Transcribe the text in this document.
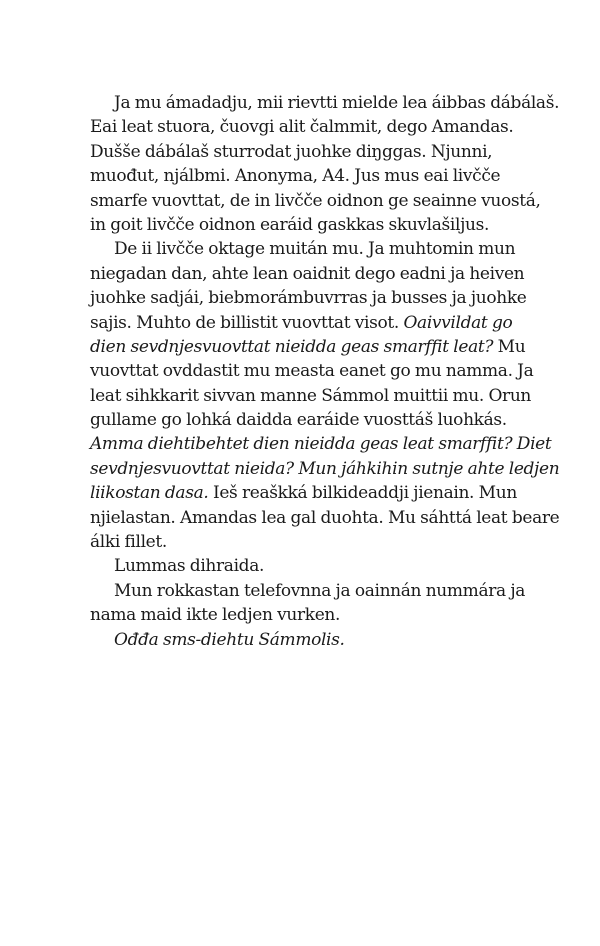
Ja mu ámadadju, mii rievtti mielde lea áibbas dábálaš.
Eai leat stuora, čuovgi alit čalmmit, dego Amandas.
Duššе dábálaš sturrodat juohke diŋggas. Njunni,
muođut, njálbmi. Anonyma, A4. Jus mus eai livčče
smarfe vuovttat, de in livčče oidnon ge seainne vuostá,
in goit livčče oidnon earáid gaskkas skuvlašiljus.
De ii livčče oktage muitán mu. Ja muhtomin mun
niegadan dan, ahte lean oaidnit dego eadni ja heiven
juohke sadjái, biebmorámbuvrras ja busses ja juohke
sajis. Muhto de billistit vuovttat visot. Oaivvildat go
dien sevdnjesvuovttat nieidda geas smarffit leat? Mu
vuovttat ovddastit mu measta eanet go mu namma. Ja
leat sihkkarit sivvan manne Sámmol muittii mu. Orun
gullame go lohká daidda earáide vuosttáš luohkás.
Amma diehtibehtet dien nieidda geas leat smarffit? Diet
sevdnjesvuovttat nieida? Mun jáhkihin sutnje ahte ledjen
liikostan dasa. Ieš reaškká bilkideaddji jienain. Mun
njielastan. Amandas lea gal duohta. Mu sáhttá leat beare
álki fillet.
Lummas dihraida.
Mun rokkastan telefovnna ja oainnán nummára ja
nama maid ikte ledjen vurken.
Ođđa sms-diehtu Sámmolis.
